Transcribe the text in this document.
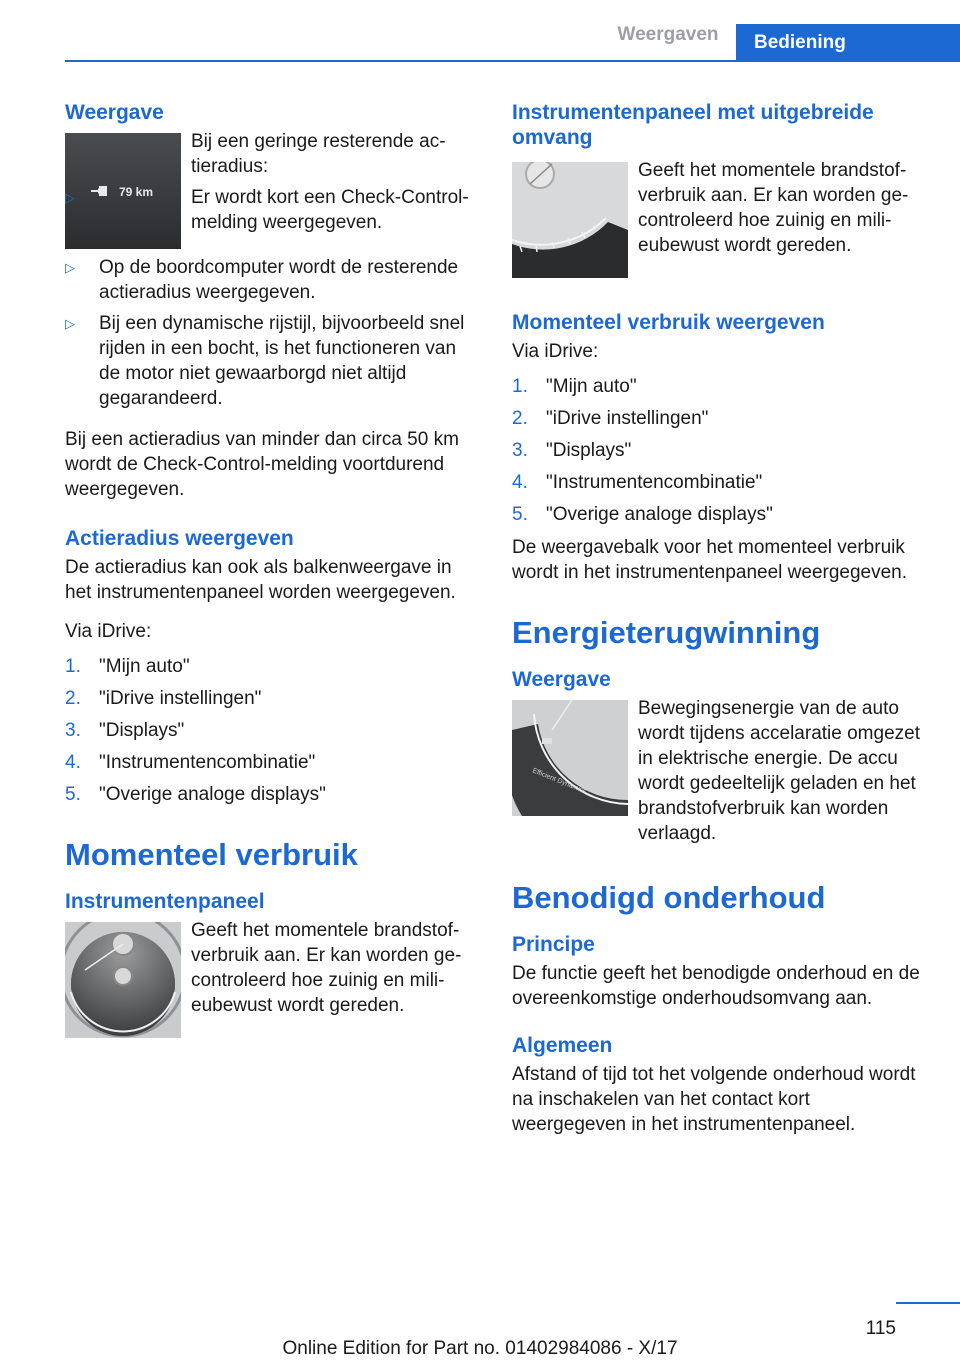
Weergaven	Bediening
Weergave
79 km

Bij een geringe resterende actieradius:

▷	Er wordt kort een Check-Control-melding weergegeven.
▷ Op de boordcomputer wordt de resterende actieradius weergegeven.
▷ Bij een dynamische rijstijl, bijvoorbeeld snel rijden in een bocht, is het functioneren van de motor niet gewaarborgd niet altijd gegarandeerd.

Bij een actieradius van minder dan circa 50 km wordt de Check-Control-melding voortdurend weergegeven.

Actieradius weergeven

De actieradius kan ook als balkenweergave in het instrumentenpaneel worden weergegeven.

Via iDrive:

1. "Mijn auto"
2. "iDrive instellingen"
3. "Displays"
4. "Instrumentencombinatie"
5. "Overige analoge displays"
Momenteel verbruik
Instrumentenpaneel

Geeft het momentele brandstofverbruik aan. Er kan worden gecontroleerd hoe zuinig en milieubewust wordt gereden.

Instrumentenpaneel met uitgebreide omvang

Geeft het momentele brandstofverbruik aan. Er kan worden gecontroleerd hoe zuinig en milieubewust wordt gereden.

Momenteel verbruik weergeven

Via iDrive:

1. "Mijn auto"
2. "iDrive instellingen"
3. "Displays"
4. "Instrumentencombinatie"
5. "Overige analoge displays"

De weergavebalk voor het momenteel verbruik wordt in het instrumentenpaneel weergegeven.

Energieterugwinning
Weergave
Efficient Dynamics

Bewegingsenergie van de auto wordt tijdens accelaratie omgezet in elektrische energie. De accu wordt gedeeltelijk geladen en het brandstofverbruik kan worden verlaagd.

Benodigd onderhoud
Principe

De functie geeft het benodigde onderhoud en de overeenkomstige onderhoudsomvang aan.

Algemeen

Afstand of tijd tot het volgende onderhoud wordt na inschakelen van het contact kort weergegeven in het instrumentenpaneel.

115
Online Edition for Part no. 01402984086 - X/17
